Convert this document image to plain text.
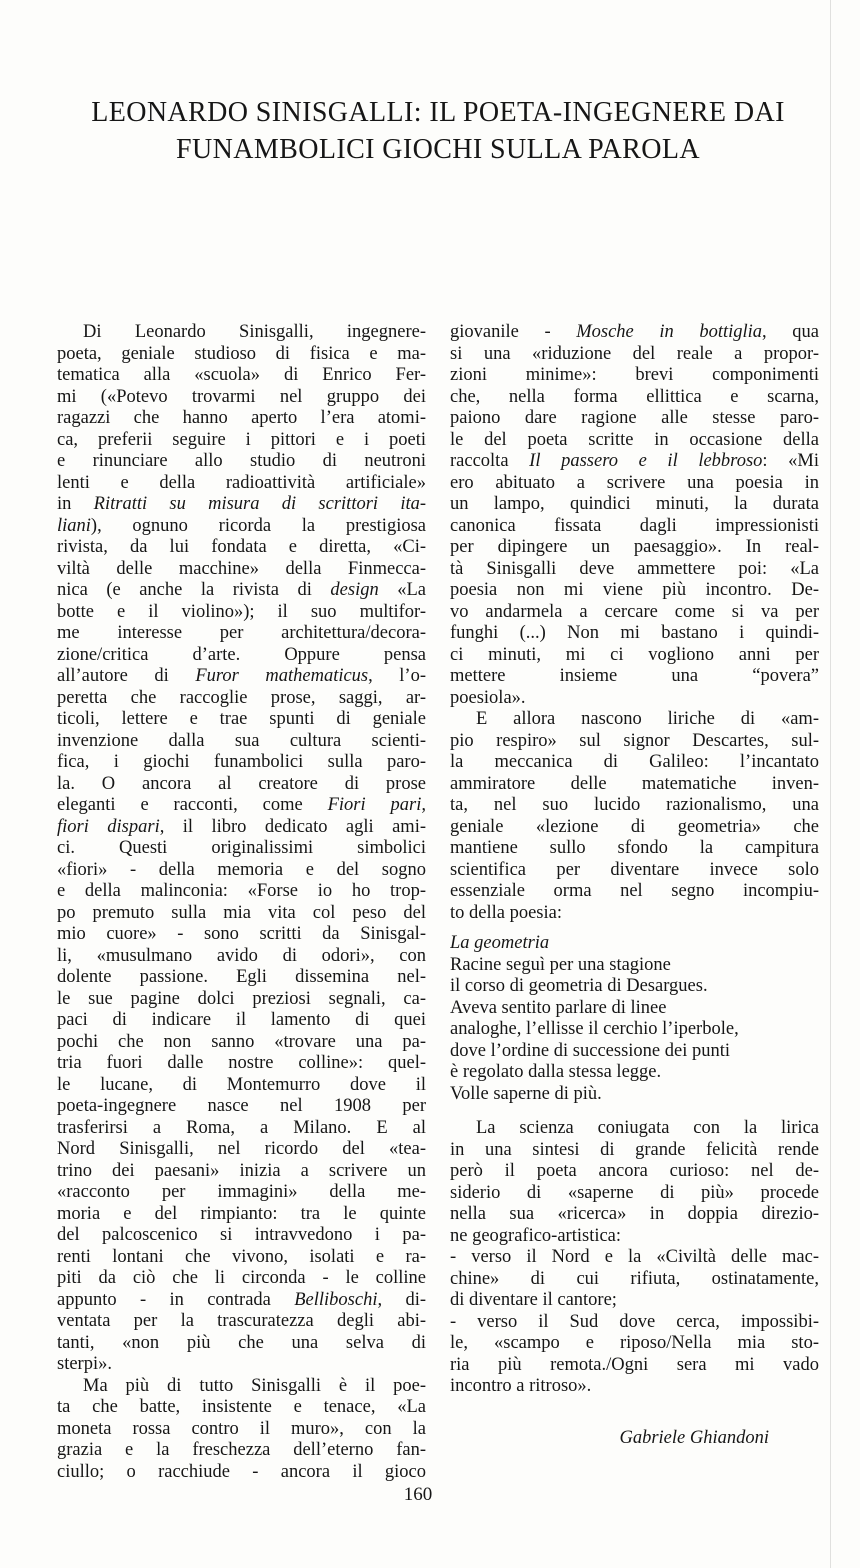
LEONARDO SINISGALLI: IL POETA-INGEGNERE DAI
FUNAMBOLICI GIOCHI SULLA PAROLA
Di Leonardo Sinisgalli, ingegnere-
poeta, geniale studioso di fisica e ma-
tematica alla «scuola» di Enrico Fer-
mi («Potevo trovarmi nel gruppo dei
ragazzi che hanno aperto l’era atomi-
ca, preferii seguire i pittori e i poeti
e rinunciare allo studio di neutroni
lenti e della radioattività artificiale»
in Ritratti su misura di scrittori ita-
liani), ognuno ricorda la prestigiosa
rivista, da lui fondata e diretta, «Ci-
viltà delle macchine» della Finmecca-
nica (e anche la rivista di design «La
botte e il violino»); il suo multifor-
me interesse per architettura/decora-
zione/critica d’arte. Oppure pensa
all’autore di Furor mathematicus, l’o-
peretta che raccoglie prose, saggi, ar-
ticoli, lettere e trae spunti di geniale
invenzione dalla sua cultura scienti-
fica, i giochi funambolici sulla paro-
la. O ancora al creatore di prose
eleganti e racconti, come Fiori pari,
fiori dispari, il libro dedicato agli ami-
ci. Questi originalissimi simbolici
«fiori» - della memoria e del sogno
e della malinconia: «Forse io ho trop-
po premuto sulla mia vita col peso del
mio cuore» - sono scritti da Sinisgal-
li, «musulmano avido di odori», con
dolente passione. Egli dissemina nel-
le sue pagine dolci preziosi segnali, ca-
paci di indicare il lamento di quei
pochi che non sanno «trovare una pa-
tria fuori dalle nostre colline»: quel-
le lucane, di Montemurro dove il
poeta-ingegnere nasce nel 1908 per
trasferirsi a Roma, a Milano. E al
Nord Sinisgalli, nel ricordo del «tea-
trino dei paesani» inizia a scrivere un
«racconto per immagini» della me-
moria e del rimpianto: tra le quinte
del palcoscenico si intravvedono i pa-
renti lontani che vivono, isolati e ra-
piti da ciò che li circonda - le colline
appunto - in contrada Belliboschi, di-
ventata per la trascuratezza degli abi-
tanti, «non più che una selva di
sterpi».
Ma più di tutto Sinisgalli è il poe-
ta che batte, insistente e tenace, «La
moneta rossa contro il muro», con la
grazia e la freschezza dell’eterno fan-
ciullo; o racchiude - ancora il gioco
giovanile - Mosche in bottiglia, qua
si una «riduzione del reale a propor-
zioni minime»: brevi componimenti
che, nella forma ellittica e scarna,
paiono dare ragione alle stesse paro-
le del poeta scritte in occasione della
raccolta Il passero e il lebbroso: «Mi
ero abituato a scrivere una poesia in
un lampo, quindici minuti, la durata
canonica fissata dagli impressionisti
per dipingere un paesaggio». In real-
tà Sinisgalli deve ammettere poi: «La
poesia non mi viene più incontro. De-
vo andarmela a cercare come si va per
funghi (...) Non mi bastano i quindi-
ci minuti, mi ci vogliono anni per
mettere insieme una “povera”
poesiola».
E allora nascono liriche di «am-
pio respiro» sul signor Descartes, sul-
la meccanica di Galileo: l’incantato
ammiratore delle matematiche inven-
ta, nel suo lucido razionalismo, una
geniale «lezione di geometria» che
mantiene sullo sfondo la campitura
scientifica per diventare invece solo
essenziale orma nel segno incompiu-
to della poesia:
La geometria
Racine seguì per una stagione
il corso di geometria di Desargues.
Aveva sentito parlare di linee
analoghe, l’ellisse il cerchio l’iperbole,
dove l’ordine di successione dei punti
è regolato dalla stessa legge.
Volle saperne di più.
La scienza coniugata con la lirica
in una sintesi di grande felicità rende
però il poeta ancora curioso: nel de-
siderio di «saperne di più» procede
nella sua «ricerca» in doppia direzio-
ne geografico-artistica:
- verso il Nord e la «Civiltà delle mac-
chine» di cui rifiuta, ostinatamente,
di diventare il cantore;
- verso il Sud dove cerca, impossibi-
le, «scampo e riposo/Nella mia sto-
ria più remota./Ogni sera mi vado
incontro a ritroso».
Gabriele Ghiandoni
160
